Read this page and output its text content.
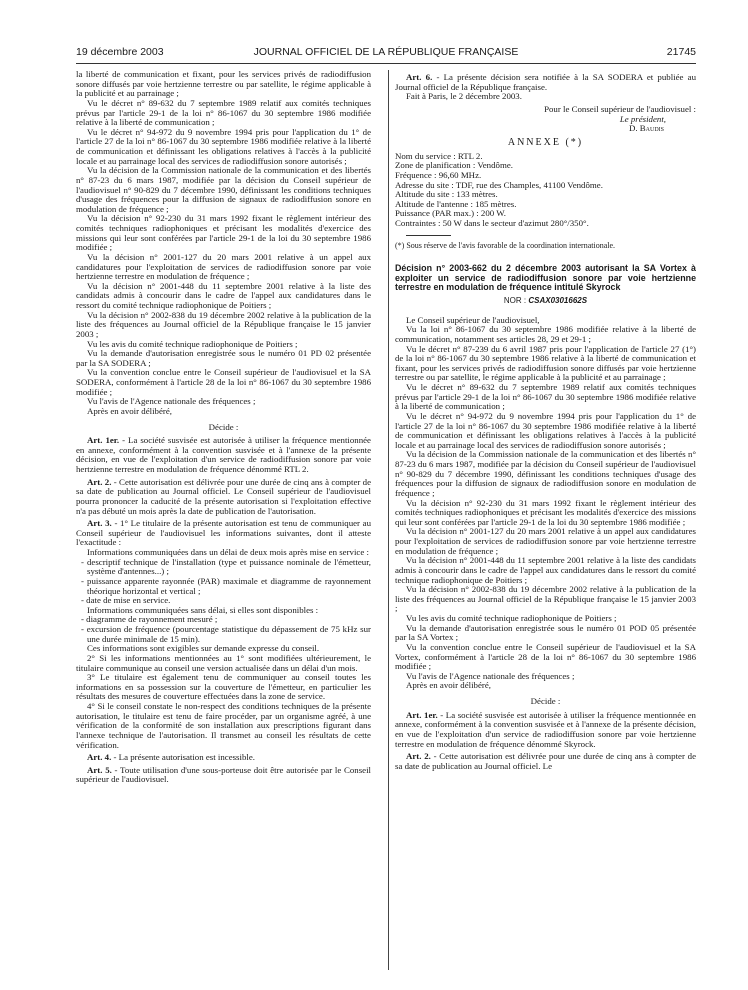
19 décembre 2003	JOURNAL OFFICIEL DE LA RÉPUBLIQUE FRANÇAISE	21745

la liberté de communication et fixant, pour les services privés de radiodiffusion sonore diffusés par voie hertzienne terrestre ou par satellite, le régime applicable à la publicité et au parrainage ;

Vu le décret n° 89-632 du 7 septembre 1989 relatif aux comités techniques prévus par l'article 29-1 de la loi n° 86-1067 du 30 septembre 1986 modifiée relative à la liberté de communication ;

Vu le décret n° 94-972 du 9 novembre 1994 pris pour l'application du 1° de l'article 27 de la loi n° 86-1067 du 30 septembre 1986 modifiée relative à la liberté de communication et définissant les obligations relatives à l'accès à la publicité locale et au parrainage local des services de radiodiffusion sonore autorisés ;

Vu la décision de la Commission nationale de la communication et des libertés n° 87-23 du 6 mars 1987, modifiée par la décision du Conseil supérieur de l'audiovisuel n° 90-829 du 7 décembre 1990, définissant les conditions techniques d'usage des fréquences pour la diffusion de signaux de radiodiffusion sonore en modulation de fréquence ;

Vu la décision n° 92-230 du 31 mars 1992 fixant le règlement intérieur des comités techniques radiophoniques et précisant les modalités d'exercice des missions qui leur sont conférées par l'article 29-1 de la loi du 30 septembre 1986 modifiée ;

Vu la décision n° 2001-127 du 20 mars 2001 relative à un appel aux candidatures pour l'exploitation de services de radiodiffusion sonore par voie hertzienne terrestre en modulation de fréquence ;

Vu la décision n° 2001-448 du 11 septembre 2001 relative à la liste des candidats admis à concourir dans le cadre de l'appel aux candidatures dans le ressort du comité technique radiophonique de Poitiers ;

Vu la décision n° 2002-838 du 19 décembre 2002 relative à la publication de la liste des fréquences au Journal officiel de la République française le 15 janvier 2003 ;

Vu les avis du comité technique radiophonique de Poitiers ;

Vu la demande d'autorisation enregistrée sous le numéro 01 PD 02 présentée par la SA SODERA ;

Vu la convention conclue entre le Conseil supérieur de l'audiovisuel et la SA SODERA, conformément à l'article 28 de la loi n° 86-1067 du 30 septembre 1986 modifiée ;

Vu l'avis de l'Agence nationale des fréquences ;

Après en avoir délibéré,

Décide :

Art. 1er. - La société susvisée est autorisée à utiliser la fréquence mentionnée en annexe, conformément à la convention susvisée et à l'annexe de la présente décision, en vue de l'exploitation d'un service de radiodiffusion sonore par voie hertzienne terrestre en modulation de fréquence dénommé RTL 2.

Art. 2. - Cette autorisation est délivrée pour une durée de cinq ans à compter de sa date de publication au Journal officiel. Le Conseil supérieur de l'audiovisuel pourra prononcer la caducité de la présente autorisation si l'exploitation effective n'a pas débuté un mois après la date de publication de l'autorisation.

Art. 3. - 1° Le titulaire de la présente autorisation est tenu de communiquer au Conseil supérieur de l'audiovisuel les informations suivantes, dont il atteste l'exactitude :

Informations communiquées dans un délai de deux mois après mise en service :

- descriptif technique de l'installation (type et puissance nominale de l'émetteur, système d'antennes...) ;

- puissance apparente rayonnée (PAR) maximale et diagramme de rayonnement théorique horizontal et vertical ;

- date de mise en service.

Informations communiquées sans délai, si elles sont disponibles :

- diagramme de rayonnement mesuré ;

- excursion de fréquence (pourcentage statistique du dépassement de 75 kHz sur une durée minimale de 15 min).

Ces informations sont exigibles sur demande expresse du conseil.

2° Si les informations mentionnées au 1° sont modifiées ultérieurement, le titulaire communique au conseil une version actualisée dans un délai d'un mois.

3° Le titulaire est également tenu de communiquer au conseil toutes les informations en sa possession sur la couverture de l'émetteur, en particulier les résultats des mesures de couverture effectuées dans la zone de service.

4° Si le conseil constate le non-respect des conditions techniques de la présente autorisation, le titulaire est tenu de faire procéder, par un organisme agréé, à une vérification de la conformité de son installation aux prescriptions figurant dans l'annexe technique de l'autorisation. Il transmet au conseil les résultats de cette vérification.

Art. 4. - La présente autorisation est incessible.

Art. 5. - Toute utilisation d'une sous-porteuse doit être autorisée par le Conseil supérieur de l'audiovisuel.

Art. 6. - La présente décision sera notifiée à la SA SODERA et publiée au Journal officiel de la République française.

Fait à Paris, le 2 décembre 2003.

Pour le Conseil supérieur de l'audiovisuel :

Le président,

D. Baudis

ANNEXE (*)

Nom du service : RTL 2.

Zone de planification : Vendôme.

Fréquence : 96,60 MHz.

Adresse du site : TDF, rue des Champles, 41100 Vendôme.

Altitude du site : 133 mètres.

Altitude de l'antenne : 185 mètres.

Puissance (PAR max.) : 200 W.

Contraintes : 50 W dans le secteur d'azimut 280°/350°.

(*) Sous réserve de l'avis favorable de la coordination internationale.

Décision n° 2003-662 du 2 décembre 2003 autorisant la SA Vortex à exploiter un service de radiodiffusion sonore par voie hertzienne terrestre en modulation de fréquence intitulé Skyrock
NOR : CSAX0301662S

Le Conseil supérieur de l'audiovisuel,

Vu la loi n° 86-1067 du 30 septembre 1986 modifiée relative à la liberté de communication, notamment ses articles 28, 29 et 29-1 ;

Vu le décret n° 87-239 du 6 avril 1987 pris pour l'application de l'article 27 (1°) de la loi n° 86-1067 du 30 septembre 1986 relative à la liberté de communication et fixant, pour les services privés de radiodiffusion sonore diffusés par voie hertzienne terrestre ou par satellite, le régime applicable à la publicité et au parrainage ;

Vu le décret n° 89-632 du 7 septembre 1989 relatif aux comités techniques prévus par l'article 29-1 de la loi n° 86-1067 du 30 septembre 1986 modifiée relative à la liberté de communication ;

Vu le décret n° 94-972 du 9 novembre 1994 pris pour l'application du 1° de l'article 27 de la loi n° 86-1067 du 30 septembre 1986 modifiée relative à la liberté de communication et définissant les obligations relatives à l'accès à la publicité locale et au parrainage local des services de radiodiffusion sonore autorisés ;

Vu la décision de la Commission nationale de la communication et des libertés n° 87-23 du 6 mars 1987, modifiée par la décision du Conseil supérieur de l'audiovisuel n° 90-829 du 7 décembre 1990, définissant les conditions techniques d'usage des fréquences pour la diffusion de signaux de radiodiffusion sonore en modulation de fréquence ;

Vu la décision n° 92-230 du 31 mars 1992 fixant le règlement intérieur des comités techniques radiophoniques et précisant les modalités d'exercice des missions qui leur sont conférées par l'article 29-1 de la loi du 30 septembre 1986 modifiée ;

Vu la décision n° 2001-127 du 20 mars 2001 relative à un appel aux candidatures pour l'exploitation de services de radiodiffusion sonore par voie hertzienne terrestre en modulation de fréquence ;

Vu la décision n° 2001-448 du 11 septembre 2001 relative à la liste des candidats admis à concourir dans le cadre de l'appel aux candidatures dans le ressort du comité technique radiophonique de Poitiers ;

Vu la décision n° 2002-838 du 19 décembre 2002 relative à la publication de la liste des fréquences au Journal officiel de la République française le 15 janvier 2003 ;

Vu les avis du comité technique radiophonique de Poitiers ;

Vu la demande d'autorisation enregistrée sous le numéro 01 POD 05 présentée par la SA Vortex ;

Vu la convention conclue entre le Conseil supérieur de l'audiovisuel et la SA Vortex, conformément à l'article 28 de la loi n° 86-1067 du 30 septembre 1986 modifiée ;

Vu l'avis de l'Agence nationale des fréquences ;

Après en avoir délibéré,

Décide :

Art. 1er. - La société susvisée est autorisée à utiliser la fréquence mentionnée en annexe, conformément à la convention susvisée et à l'annexe de la présente décision, en vue de l'exploitation d'un service de radiodiffusion sonore par voie hertzienne terrestre en modulation de fréquence dénommé Skyrock.

Art. 2. - Cette autorisation est délivrée pour une durée de cinq ans à compter de sa date de publication au Journal officiel. Le
